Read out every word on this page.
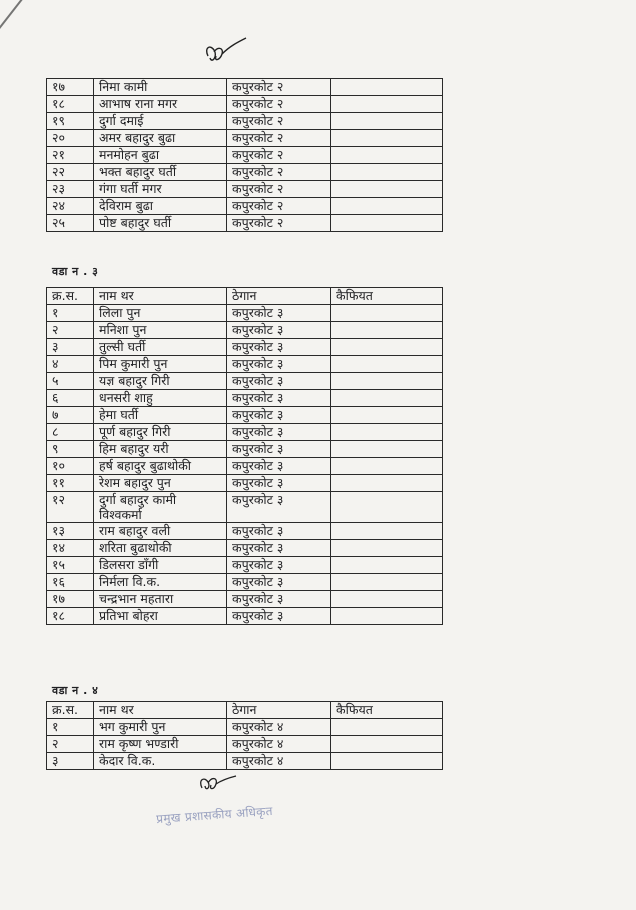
१७	निमा कामी	कपुरकोट २	
१८	आभाष राना मगर	कपुरकोट २	
१९	दुर्गा दमाई	कपुरकोट २	
२०	अमर बहादुर बुढा	कपुरकोट २	
२१	मनमोहन बुढा	कपुरकोट २	
२२	भक्त बहादुर घर्ती	कपुरकोट २	
२३	गंगा घर्ती मगर	कपुरकोट २	
२४	देविराम बुढा	कपुरकोट २	
२५	पोष्ट बहादुर घर्ती	कपुरकोट २	
वडा न . ३
क्र.स.	नाम थर	ठेगान	कैफियत
१	लिला पुन	कपुरकोट ३	
२	मनिशा पुन	कपुरकोट ३	
३	तुल्सी घर्ती	कपुरकोट ३	
४	पिम कुमारी पुन	कपुरकोट ३	
५	यज्ञ बहादुर गिरी	कपुरकोट ३	
६	धनसरी शाहु	कपुरकोट ३	
७	हेमा घर्ती	कपुरकोट ३	
८	पूर्ण बहादुर गिरी	कपुरकोट ३	
९	हिम बहादुर यरी	कपुरकोट ३	
१०	हर्ष बहादुर बुढाथोकी	कपुरकोट ३	
११	रेशम बहादुर पुन	कपुरकोट ३	
१२	दुर्गा बहादुर कामी विश्वकर्मा	कपुरकोट ३	
१३	राम बहादुर वली	कपुरकोट ३	
१४	शरिता बुढाथोकी	कपुरकोट ३	
१५	डिलसरा डाँगी	कपुरकोट ३	
१६	निर्मला वि.क.	कपुरकोट ३	
१७	चन्द्रभान महतारा	कपुरकोट ३	
१८	प्रतिभा बोहरा	कपुरकोट ३	
वडा न . ४
क्र.स.	नाम थर	ठेगान	कैफियत
१	भग कुमारी पुन	कपुरकोट ४	
२	राम कृष्ण भण्डारी	कपुरकोट ४	
३	केदार वि.क.	कपुरकोट ४	
प्रमुख प्रशासकीय अधिकृत
